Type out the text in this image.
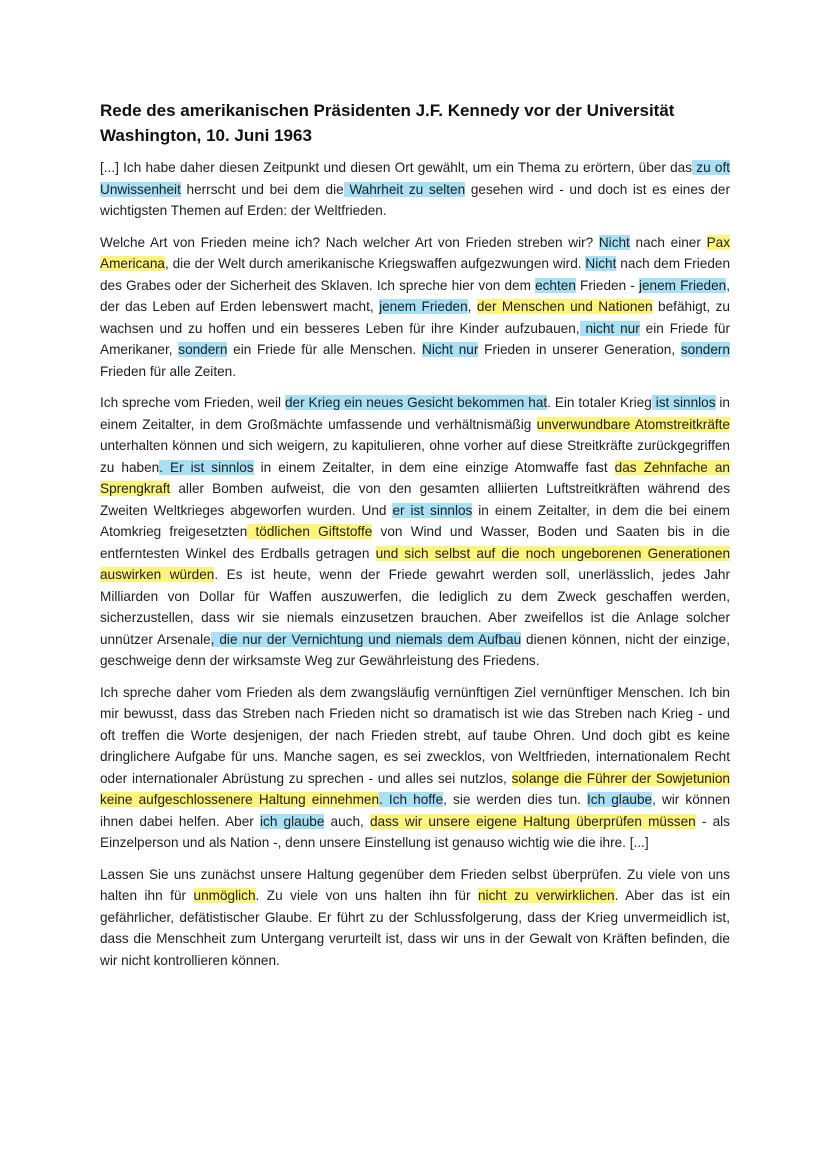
Rede des amerikanischen Präsidenten J.F. Kennedy vor der Universität Washington, 10. Juni 1963

[...] Ich habe daher diesen Zeitpunkt und diesen Ort gewählt, um ein Thema zu erörtern, über das zu oft Unwissenheit herrscht und bei dem die Wahrheit zu selten gesehen wird - und doch ist es eines der wichtigsten Themen auf Erden: der Weltfrieden.

Welche Art von Frieden meine ich? Nach welcher Art von Frieden streben wir? Nicht nach einer Pax Americana, die der Welt durch amerikanische Kriegswaffen aufgezwungen wird. Nicht nach dem Frieden des Grabes oder der Sicherheit des Sklaven. Ich spreche hier von dem echten Frieden - jenem Frieden, der das Leben auf Erden lebenswert macht, jenem Frieden, der Menschen und Nationen befähigt, zu wachsen und zu hoffen und ein besseres Leben für ihre Kinder aufzubauen, nicht nur ein Friede für Amerikaner, sondern ein Friede für alle Menschen. Nicht nur Frieden in unserer Generation, sondern Frieden für alle Zeiten.

Ich spreche vom Frieden, weil der Krieg ein neues Gesicht bekommen hat. Ein totaler Krieg ist sinnlos in einem Zeitalter, in dem Großmächte umfassende und verhältnismäßig unverwundbare Atomstreitkräfte unterhalten können und sich weigern, zu kapitulieren, ohne vorher auf diese Streitkräfte zurückgegriffen zu haben. Er ist sinnlos in einem Zeitalter, in dem eine einzige Atomwaffe fast das Zehnfache an Sprengkraft aller Bomben aufweist, die von den gesamten alliierten Luftstreitkräften während des Zweiten Weltkrieges abgeworfen wurden. Und er ist sinnlos in einem Zeitalter, in dem die bei einem Atomkrieg freigesetzten tödlichen Giftstoffe von Wind und Wasser, Boden und Saaten bis in die entferntesten Winkel des Erdballs getragen und sich selbst auf die noch ungeborenen Generationen auswirken würden. Es ist heute, wenn der Friede gewahrt werden soll, unerlässlich, jedes Jahr Milliarden von Dollar für Waffen auszuwerfen, die lediglich zu dem Zweck geschaffen werden, sicherzustellen, dass wir sie niemals einzusetzen brauchen. Aber zweifellos ist die Anlage solcher unnützer Arsenale, die nur der Vernichtung und niemals dem Aufbau dienen können, nicht der einzige, geschweige denn der wirksamste Weg zur Gewährleistung des Friedens.

Ich spreche daher vom Frieden als dem zwangsläufig vernünftigen Ziel vernünftiger Menschen. Ich bin mir bewusst, dass das Streben nach Frieden nicht so dramatisch ist wie das Streben nach Krieg - und oft treffen die Worte desjenigen, der nach Frieden strebt, auf taube Ohren. Und doch gibt es keine dringlichere Aufgabe für uns. Manche sagen, es sei zwecklos, von Weltfrieden, internationalem Recht oder internationaler Abrüstung zu sprechen - und alles sei nutzlos, solange die Führer der Sowjetunion keine aufgeschlossenere Haltung einnehmen. Ich hoffe, sie werden dies tun. Ich glaube, wir können ihnen dabei helfen. Aber ich glaube auch, dass wir unsere eigene Haltung überprüfen müssen - als Einzelperson und als Nation -, denn unsere Einstellung ist genauso wichtig wie die ihre. [...]

Lassen Sie uns zunächst unsere Haltung gegenüber dem Frieden selbst überprüfen. Zu viele von uns halten ihn für unmöglich. Zu viele von uns halten ihn für nicht zu verwirklichen. Aber das ist ein gefährlicher, defätistischer Glaube. Er führt zu der Schlussfolgerung, dass der Krieg unvermeidlich ist, dass die Menschheit zum Untergang verurteilt ist, dass wir uns in der Gewalt von Kräften befinden, die wir nicht kontrollieren können.
